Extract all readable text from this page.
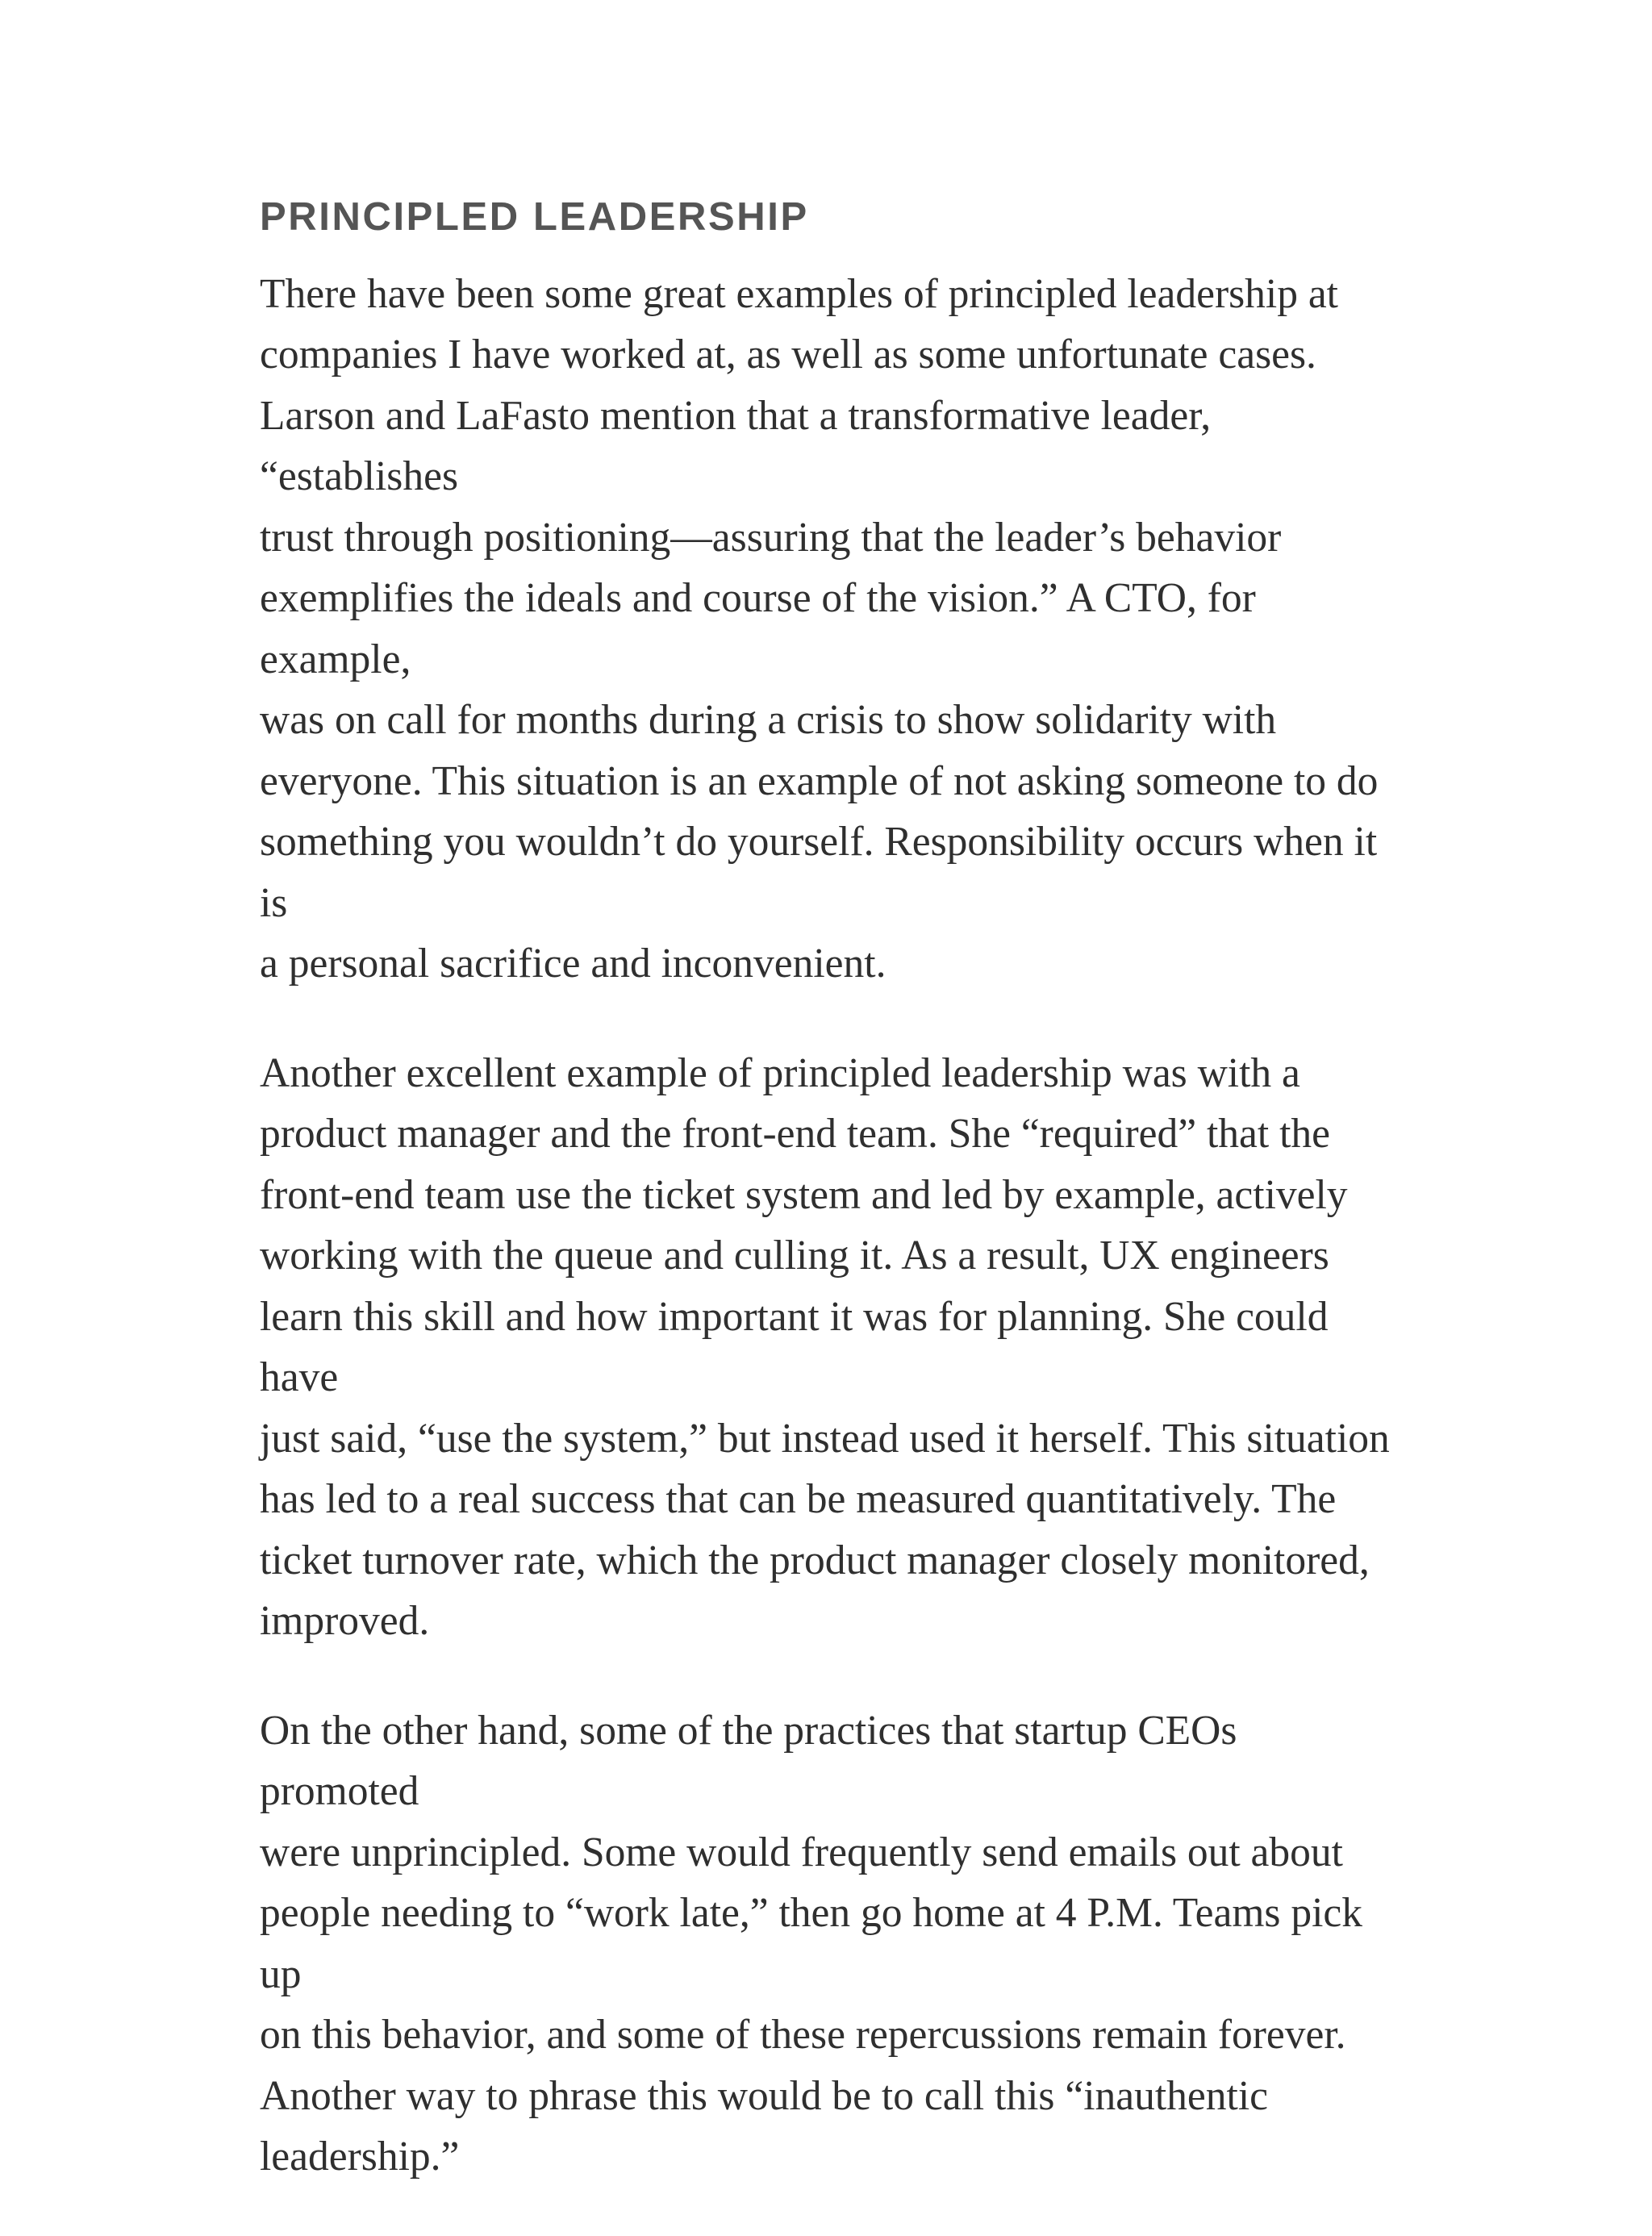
PRINCIPLED LEADERSHIP

There have been some great examples of principled leadership at
companies I have worked at, as well as some unfortunate cases.
Larson and LaFasto mention that a transformative leader, “establishes
trust through positioning—assuring that the leader’s behavior
exemplifies the ideals and course of the vision.” A CTO, for example,
was on call for months during a crisis to show solidarity with
everyone. This situation is an example of not asking someone to do
something you wouldn’t do yourself. Responsibility occurs when it is
a personal sacrifice and inconvenient.

Another excellent example of principled leadership was with a
product manager and the front-end team. She “required” that the
front-end team use the ticket system and led by example, actively
working with the queue and culling it. As a result, UX engineers
learn this skill and how important it was for planning. She could have
just said, “use the system,” but instead used it herself. This situation
has led to a real success that can be measured quantitatively. The
ticket turnover rate, which the product manager closely monitored,
improved.

On the other hand, some of the practices that startup CEOs promoted
were unprincipled. Some would frequently send emails out about
people needing to “work late,” then go home at 4 P.M. Teams pick up
on this behavior, and some of these repercussions remain forever.
Another way to phrase this would be to call this “inauthentic
leadership.”
